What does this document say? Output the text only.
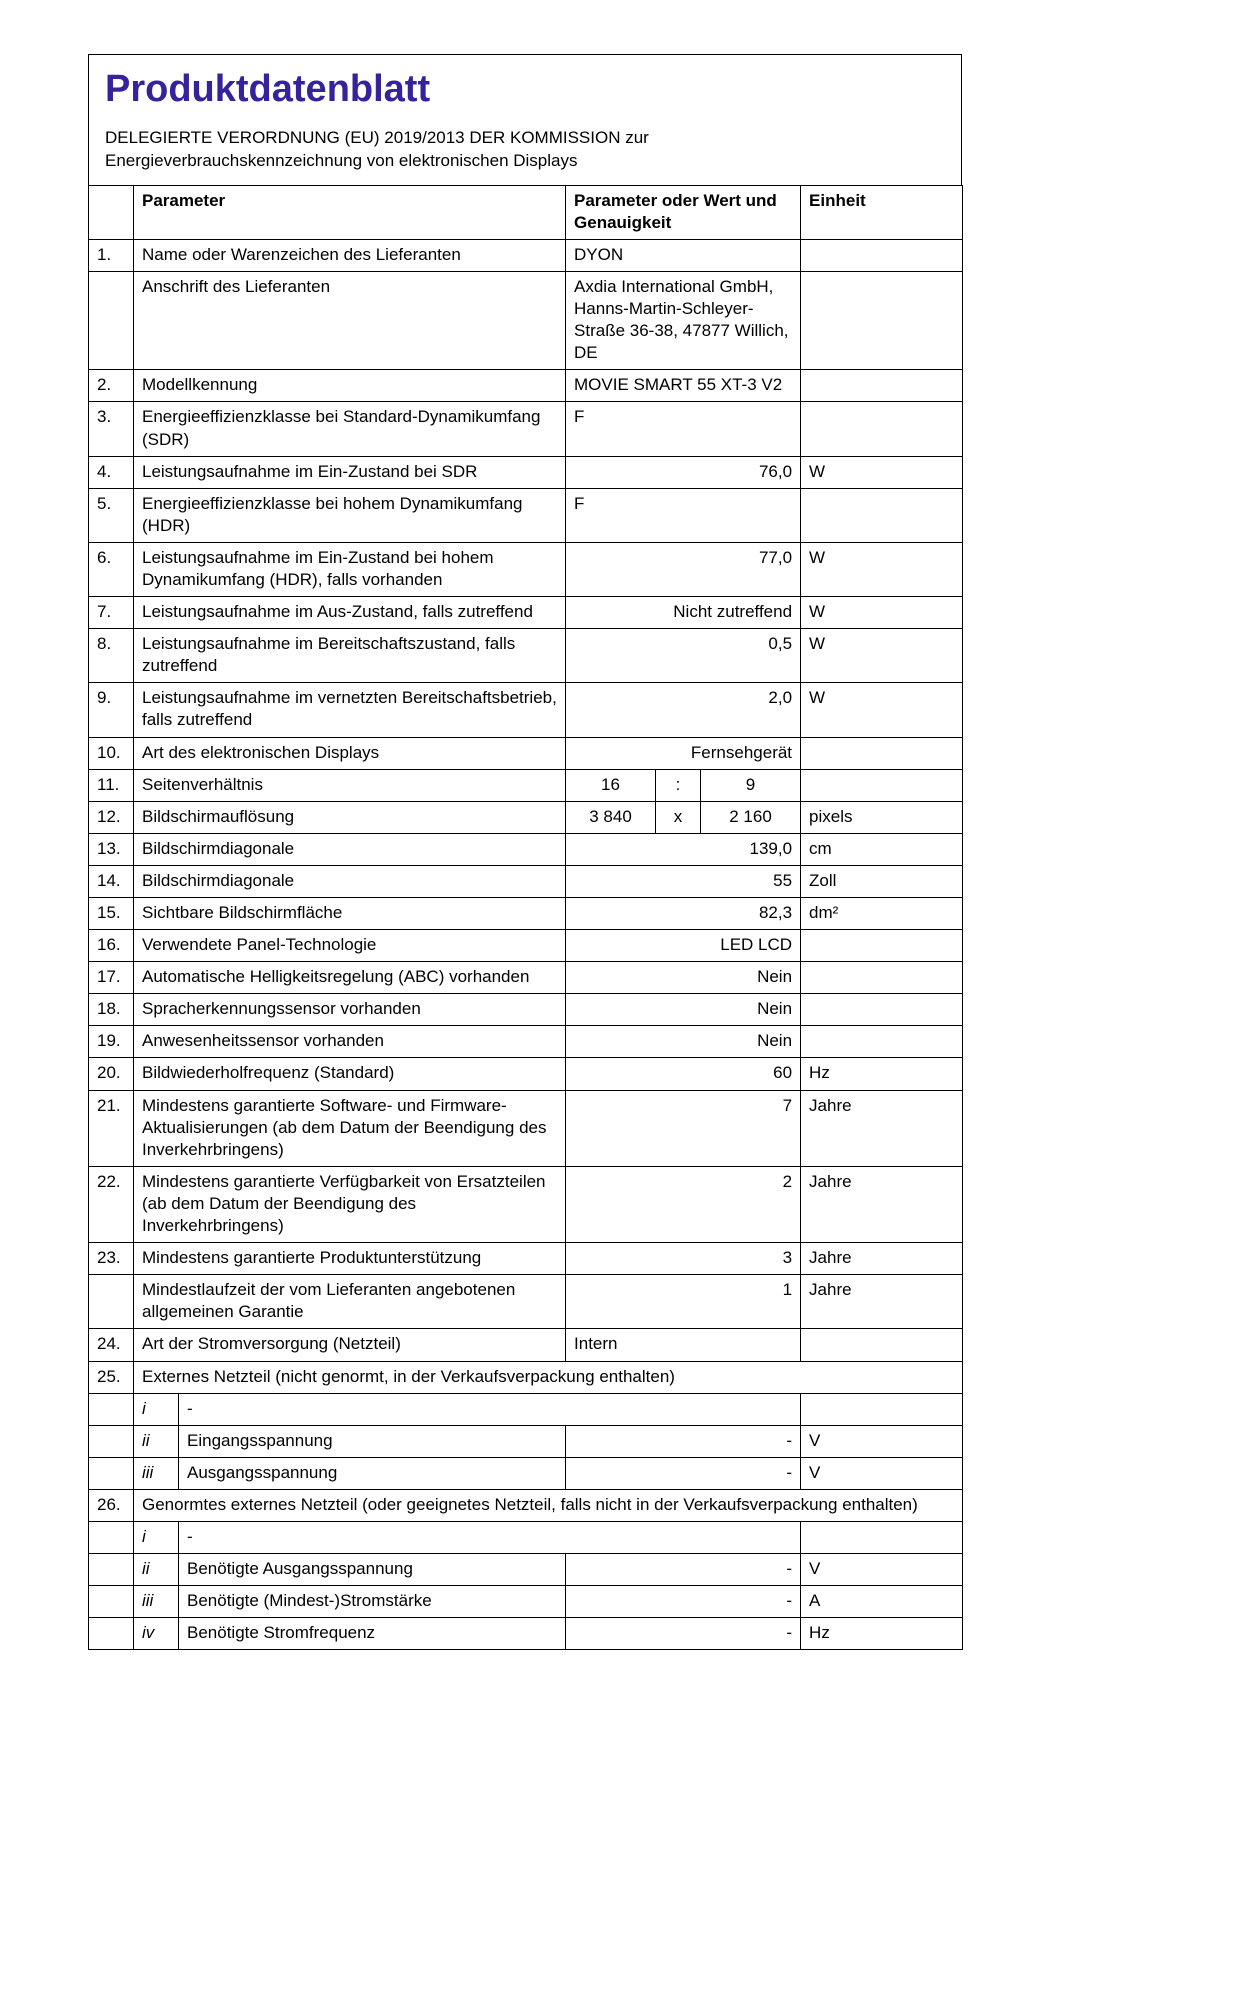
Produktdatenblatt
DELEGIERTE VERORDNUNG (EU) 2019/2013 DER KOMMISSION zur
Energieverbrauchskennzeichnung von elektronischen Displays
	Parameter		Parameter oder Wert und Genauigkeit			Einheit
1.	Name oder Warenzeichen des Lieferanten		DYON			
	Anschrift des Lieferanten		Axdia International GmbH, Hanns-Martin-Schleyer-Straße 36-38, 47877 Willich, DE			
2.	Modellkennung		MOVIE SMART 55 XT-3 V2			
3.	Energieeffizienzklasse bei Standard-Dynamikumfang (SDR)		F			
4.	Leistungsaufnahme im Ein-Zustand bei SDR		76,0			W
5.	Energieeffizienzklasse bei hohem Dynamikumfang (HDR)		F			
6.	Leistungsaufnahme im Ein-Zustand bei hohem Dynamikumfang (HDR), falls vorhanden		77,0			W
7.	Leistungsaufnahme im Aus-Zustand, falls zutreffend		Nicht zutreffend			W
8.	Leistungsaufnahme im Bereitschaftszustand, falls zutreffend		0,5			W
9.	Leistungsaufnahme im vernetzten Bereitschaftsbetrieb, falls zutreffend		2,0			W
10.	Art des elektronischen Displays		Fernsehgerät			
11.	Seitenverhältnis		16	:	9	
12.	Bildschirmauflösung		3 840	x	2 160	pixels
13.	Bildschirmdiagonale		139,0			cm
14.	Bildschirmdiagonale		55			Zoll
15.	Sichtbare Bildschirmfläche		82,3			dm²
16.	Verwendete Panel-Technologie		LED LCD			
17.	Automatische Helligkeitsregelung (ABC) vorhanden		Nein			
18.	Spracherkennungssensor vorhanden		Nein			
19.	Anwesenheitssensor vorhanden		Nein			
20.	Bildwiederholfrequenz (Standard)		60			Hz
21.	Mindestens garantierte Software- und Firmware-Aktualisierungen (ab dem Datum der Beendigung des Inverkehrbringens)		7			Jahre
22.	Mindestens garantierte Verfügbarkeit von Ersatzteilen (ab dem Datum der Beendigung des Inverkehrbringens)		2			Jahre
23.	Mindestens garantierte Produktunterstützung		3			Jahre
	Mindestlaufzeit der vom Lieferanten angebotenen allgemeinen Garantie		1			Jahre
24.	Art der Stromversorgung (Netzteil)		Intern			
25.	Externes Netzteil (nicht genormt, in der Verkaufsverpackung enthalten)					
	i	-				
	ii	Eingangsspannung	-			V
	iii	Ausgangsspannung	-			V
26.	Genormtes externes Netzteil (oder geeignetes Netzteil, falls nicht in der Verkaufsverpackung enthalten)					
	i	-				
	ii	Benötigte Ausgangsspannung	-			V
	iii	Benötigte (Mindest-)Stromstärke	-			A
	iv	Benötigte Stromfrequenz	-			Hz
